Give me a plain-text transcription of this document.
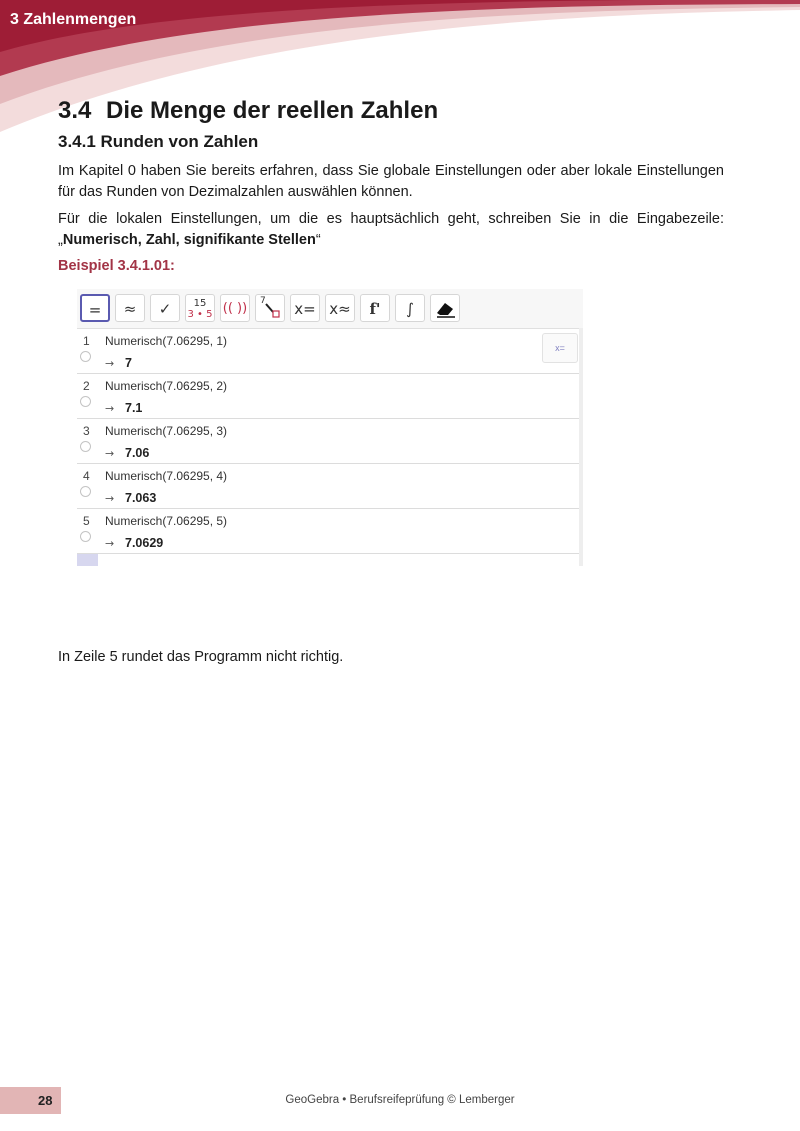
3 Zahlenmengen
3.4 Die Menge der reellen Zahlen
3.4.1 Runden von Zahlen

Im Kapitel 0 haben Sie bereits erfahren, dass Sie globale Einstellungen oder aber lokale Einstellungen für das Runden von Dezimalzahlen auswählen können.

Für die lokalen Einstellungen, um die es hauptsächlich geht, schreiben Sie in die Eingabezeile: „Numerisch, Zahl, signifikante Stellen“

Beispiel 3.4.1.01:
=	≈	✓	15
3 • 5 (( ))	7 x= x≈	f'	∫
1 Numerisch(7.06295, 1)
→ 7
x=
2 Numerisch(7.06295, 2)
→ 7.1
3 Numerisch(7.06295, 3)
→ 7.06
4 Numerisch(7.06295, 4)
→ 7.063
5 Numerisch(7.06295, 5)
→ 7.0629

In Zeile 5 rundet das Programm nicht richtig.

28	GeoGebra • Berufsreifeprüfung © Lemberger
